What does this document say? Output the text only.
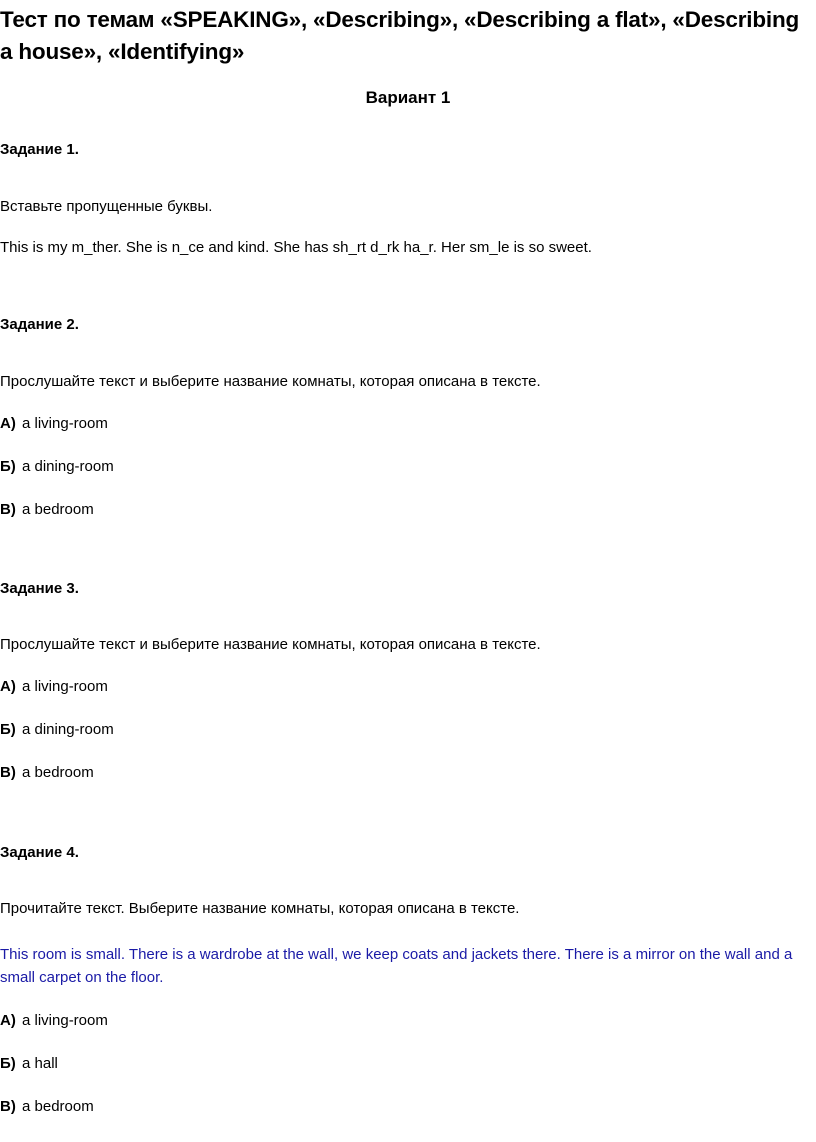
Тест по темам «SPEAKING», «Describing», «Describing a flat», «Describing a house», «Identifying»

Вариант 1

Задание 1.

Вставьте пропущенные буквы.

This is my m_ther. She is n_ce and kind. She has sh_rt d_rk ha_r. Her sm_le is so sweet.

Задание 2.

Прослушайте текст и выберите название комнаты, которая описана в тексте.

А) a living-room

Б) a dining-room

В) a bedroom

Задание 3.

Прослушайте текст и выберите название комнаты, которая описана в тексте.

А) a living-room

Б) a dining-room

В) a bedroom

Задание 4.

Прочитайте текст. Выберите название комнаты, которая описана в тексте.

This room is small. There is a wardrobe at the wall, we keep coats and jackets there. There is a mirror on the wall and a small carpet on the floor.

А) a living-room

Б) a hall

В) a bedroom
